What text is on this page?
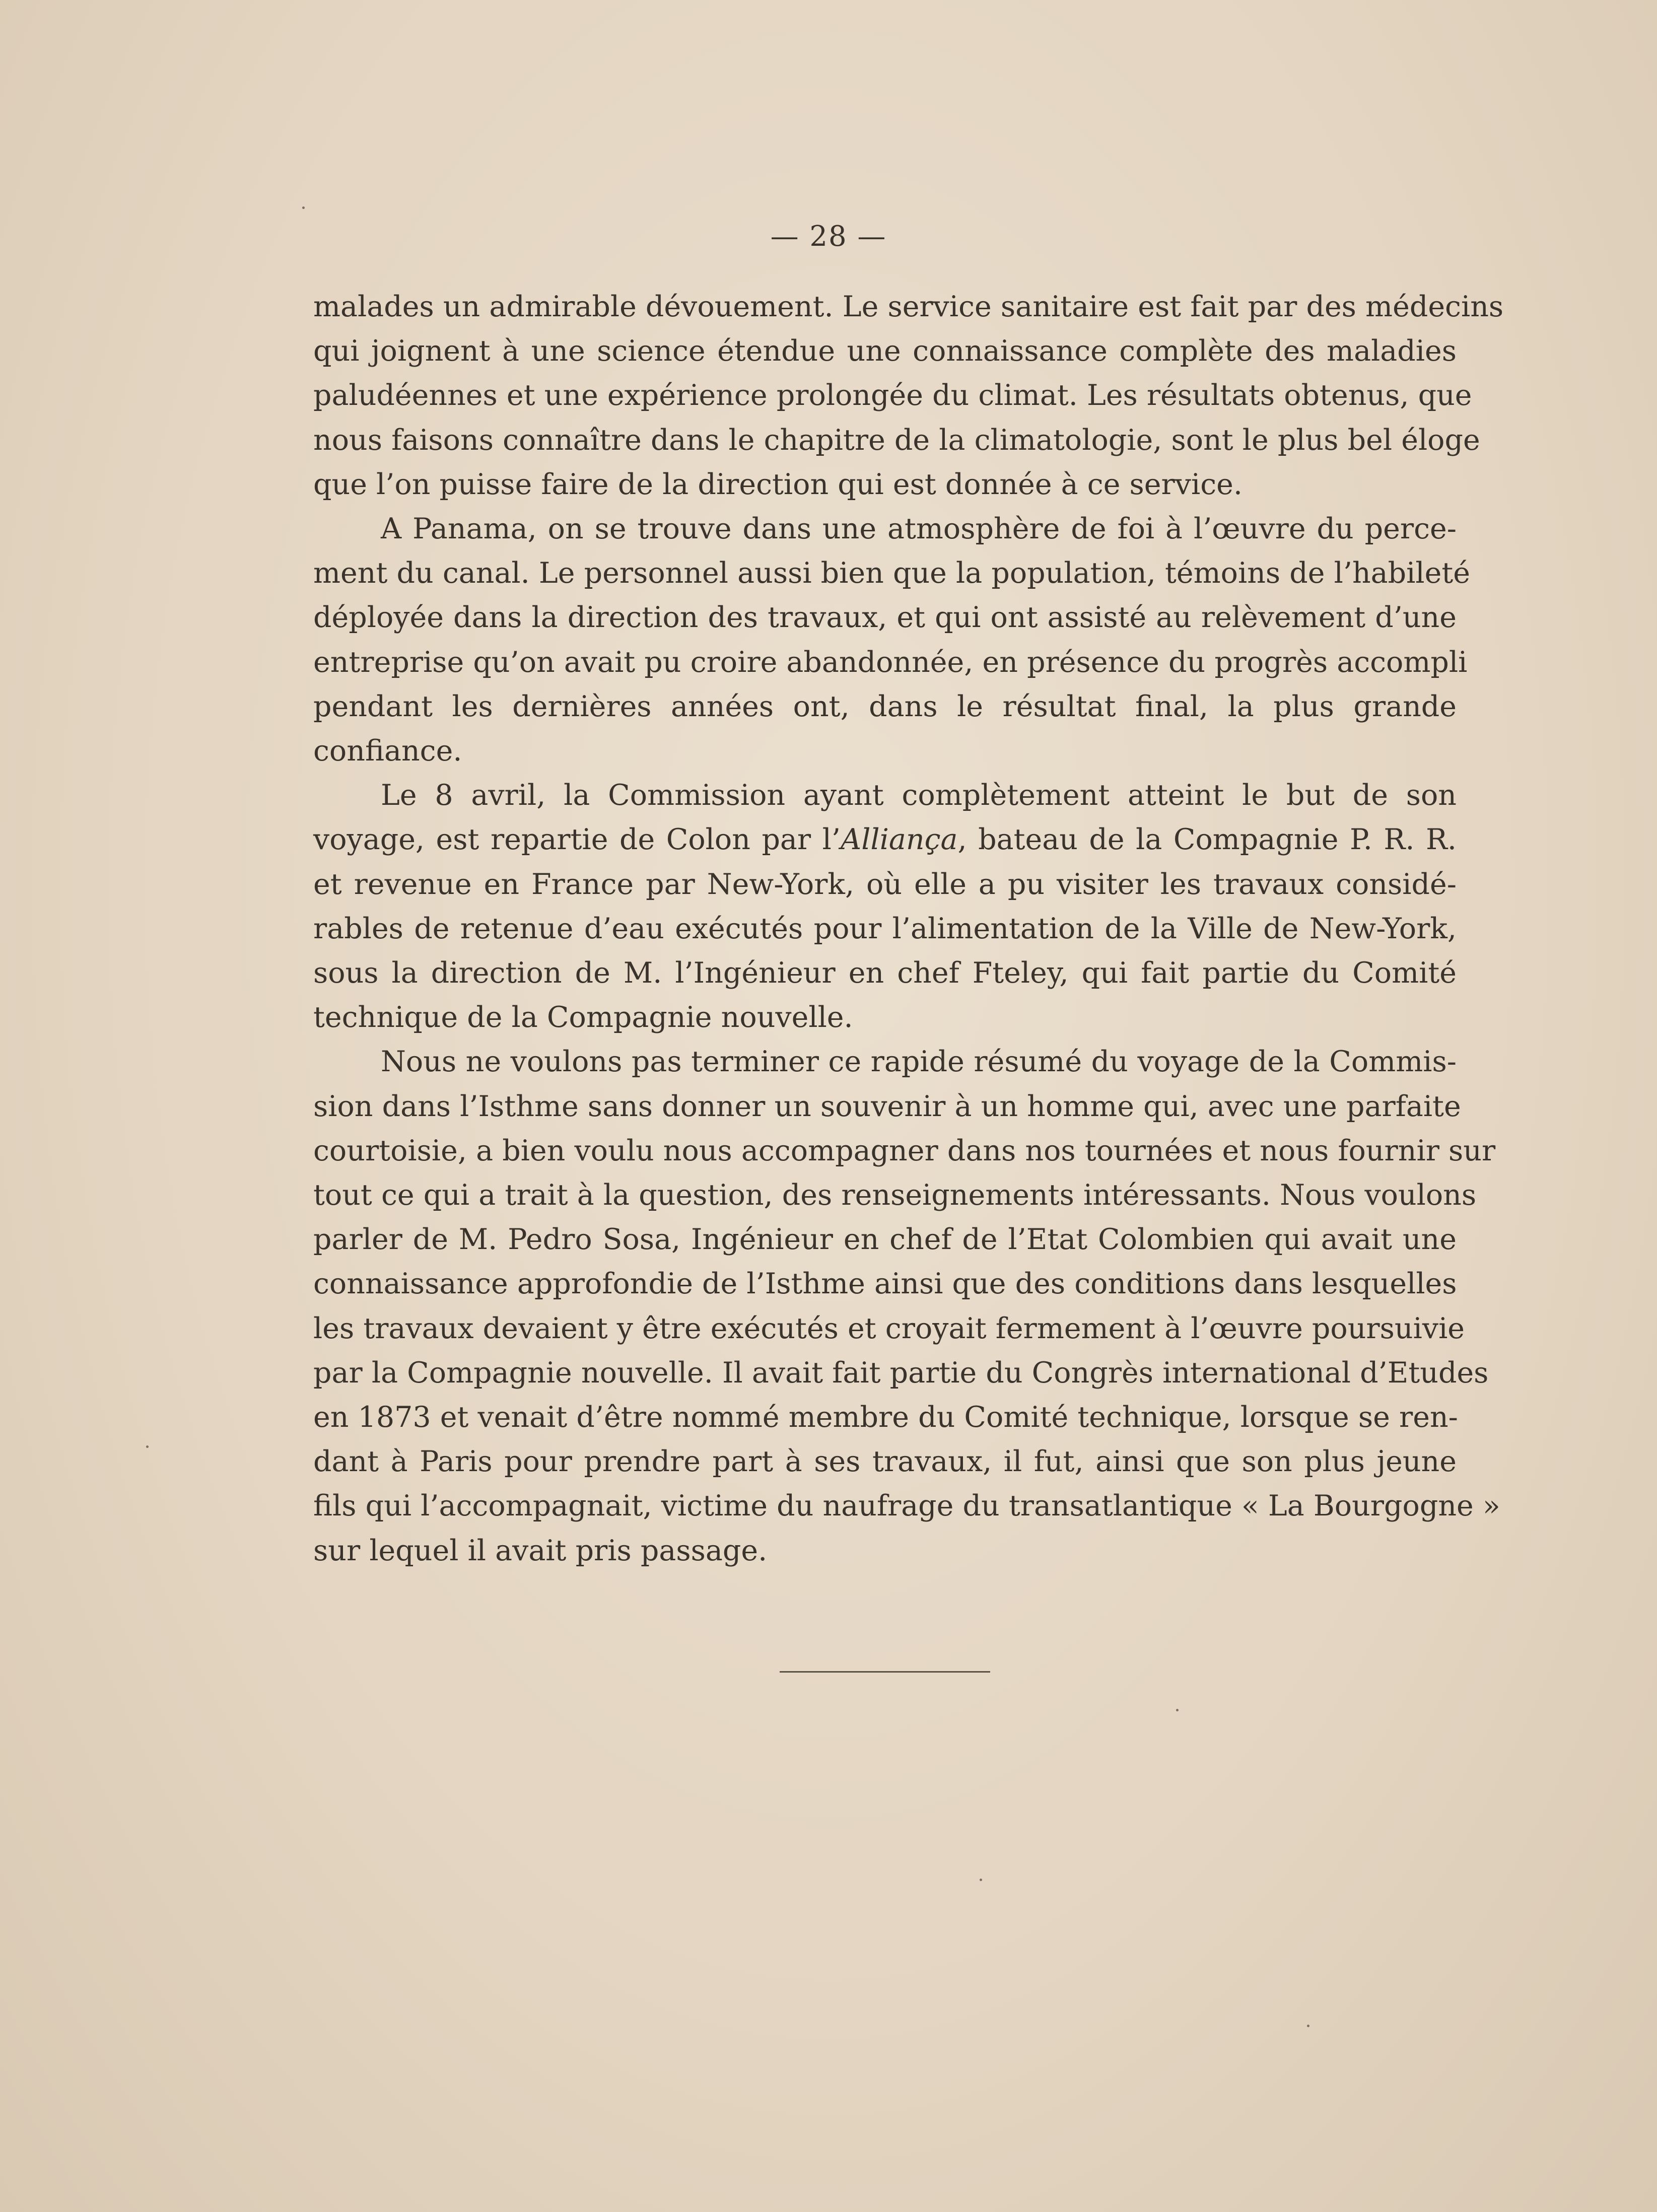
— 28 —

malades un admirable dévouement. Le service sanitaire est fait par des médecins
qui joignent à une science étendue une connaissance complète des maladies
paludéennes et une expérience prolongée du climat. Les résultats obtenus, que
nous faisons connaître dans le chapitre de la climatologie, sont le plus bel éloge
que l’on puisse faire de la direction qui est donnée à ce service.

A Panama, on se trouve dans une atmosphère de foi à l’œuvre du perce-
ment du canal. Le personnel aussi bien que la population, témoins de l’habileté
déployée dans la direction des travaux, et qui ont assisté au relèvement d’une
entreprise qu’on avait pu croire abandonnée, en présence du progrès accompli
pendant les dernières années ont, dans le résultat final, la plus grande
confiance.

Le 8 avril, la Commission ayant complètement atteint le but de son
voyage, est repartie de Colon par l’Alliança, bateau de la Compagnie P. R. R.
et revenue en France par New-York, où elle a pu visiter les travaux considé-
rables de retenue d’eau exécutés pour l’alimentation de la Ville de New-York,
sous la direction de M. l’Ingénieur en chef Fteley, qui fait partie du Comité
technique de la Compagnie nouvelle.

Nous ne voulons pas terminer ce rapide résumé du voyage de la Commis-
sion dans l’Isthme sans donner un souvenir à un homme qui, avec une parfaite
courtoisie, a bien voulu nous accompagner dans nos tournées et nous fournir sur
tout ce qui a trait à la question, des renseignements intéressants. Nous voulons
parler de M. Pedro Sosa, Ingénieur en chef de l’Etat Colombien qui avait une
connaissance approfondie de l’Isthme ainsi que des conditions dans lesquelles
les travaux devaient y être exécutés et croyait fermement à l’œuvre poursuivie
par la Compagnie nouvelle. Il avait fait partie du Congrès international d’Etudes
en 1873 et venait d’être nommé membre du Comité technique, lorsque se ren-
dant à Paris pour prendre part à ses travaux, il fut, ainsi que son plus jeune
fils qui l’accompagnait, victime du naufrage du transatlantique « La Bourgogne »
sur lequel il avait pris passage.
